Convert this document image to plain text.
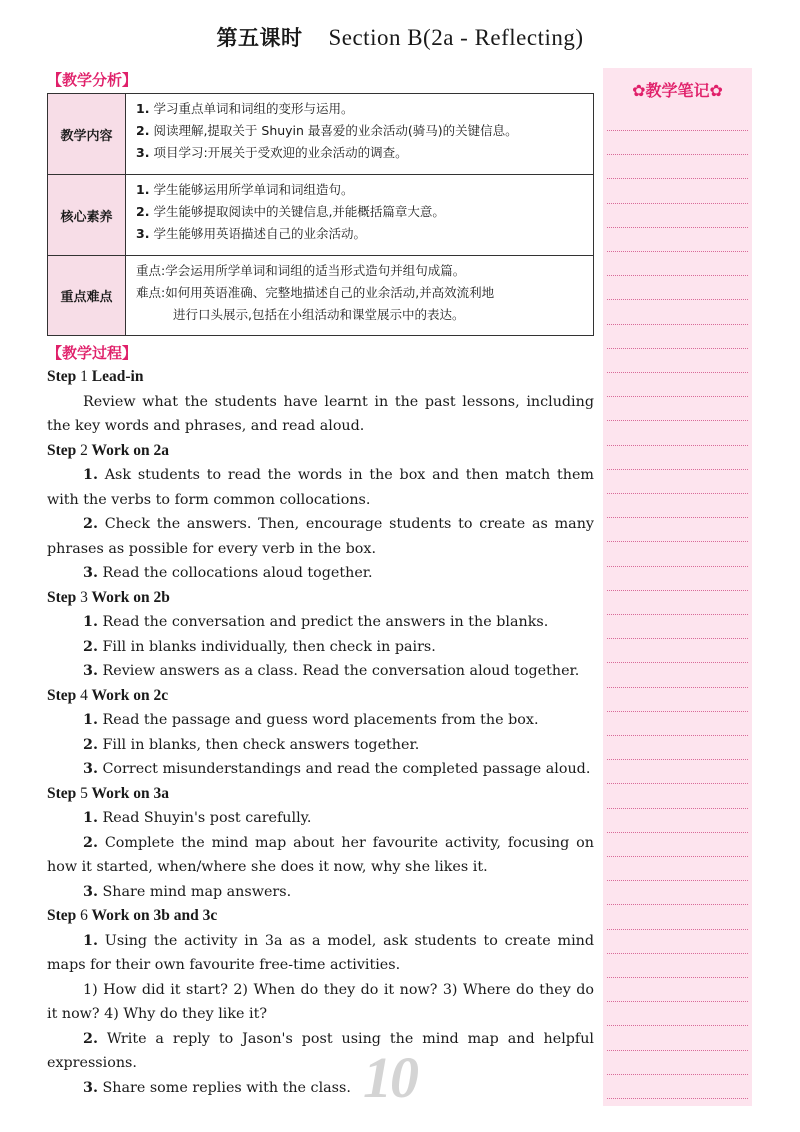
第五课时 Section B(2a - Reflecting)
【教学分析】
教学内容
1. 学习重点单词和词组的变形与运用。
2. 阅读理解,提取关于 Shuyin 最喜爱的业余活动(骑马)的关键信息。
3. 项目学习:开展关于受欢迎的业余活动的调查。
核心素养
1. 学生能够运用所学单词和词组造句。
2. 学生能够提取阅读中的关键信息,并能概括篇章大意。
3. 学生能够用英语描述自己的业余活动。
重点难点
重点:学会运用所学单词和词组的适当形式造句并组句成篇。
难点:如何用英语准确、完整地描述自己的业余活动,并高效流利地
进行口头展示,包括在小组活动和课堂展示中的表达。
【教学过程】
Step 1 Lead-in
Review what the students have learnt in the past lessons, including the key words and phrases, and read aloud.
Step 2 Work on 2a
1. Ask students to read the words in the box and then match them with the verbs to form common collocations.
2. Check the answers. Then, encourage students to create as many phrases as possible for every verb in the box.
3. Read the collocations aloud together.
Step 3 Work on 2b
1. Read the conversation and predict the answers in the blanks.
2. Fill in blanks individually, then check in pairs.
3. Review answers as a class. Read the conversation aloud together.
Step 4 Work on 2c
1. Read the passage and guess word placements from the box.
2. Fill in blanks, then check answers together.
3. Correct misunderstandings and read the completed passage aloud.
Step 5 Work on 3a
1. Read Shuyin's post carefully.
2. Complete the mind map about her favourite activity, focusing on how it started, when/where she does it now, why she likes it.
3. Share mind map answers.
Step 6 Work on 3b and 3c
1. Using the activity in 3a as a model, ask students to create mind maps for their own favourite free-time activities.
1) How did it start? 2) When do they do it now? 3) Where do they do it now? 4) Why do they like it?
2. Write a reply to Jason's post using the mind map and helpful expressions.
3. Share some replies with the class.
✿教学笔记✿
10
